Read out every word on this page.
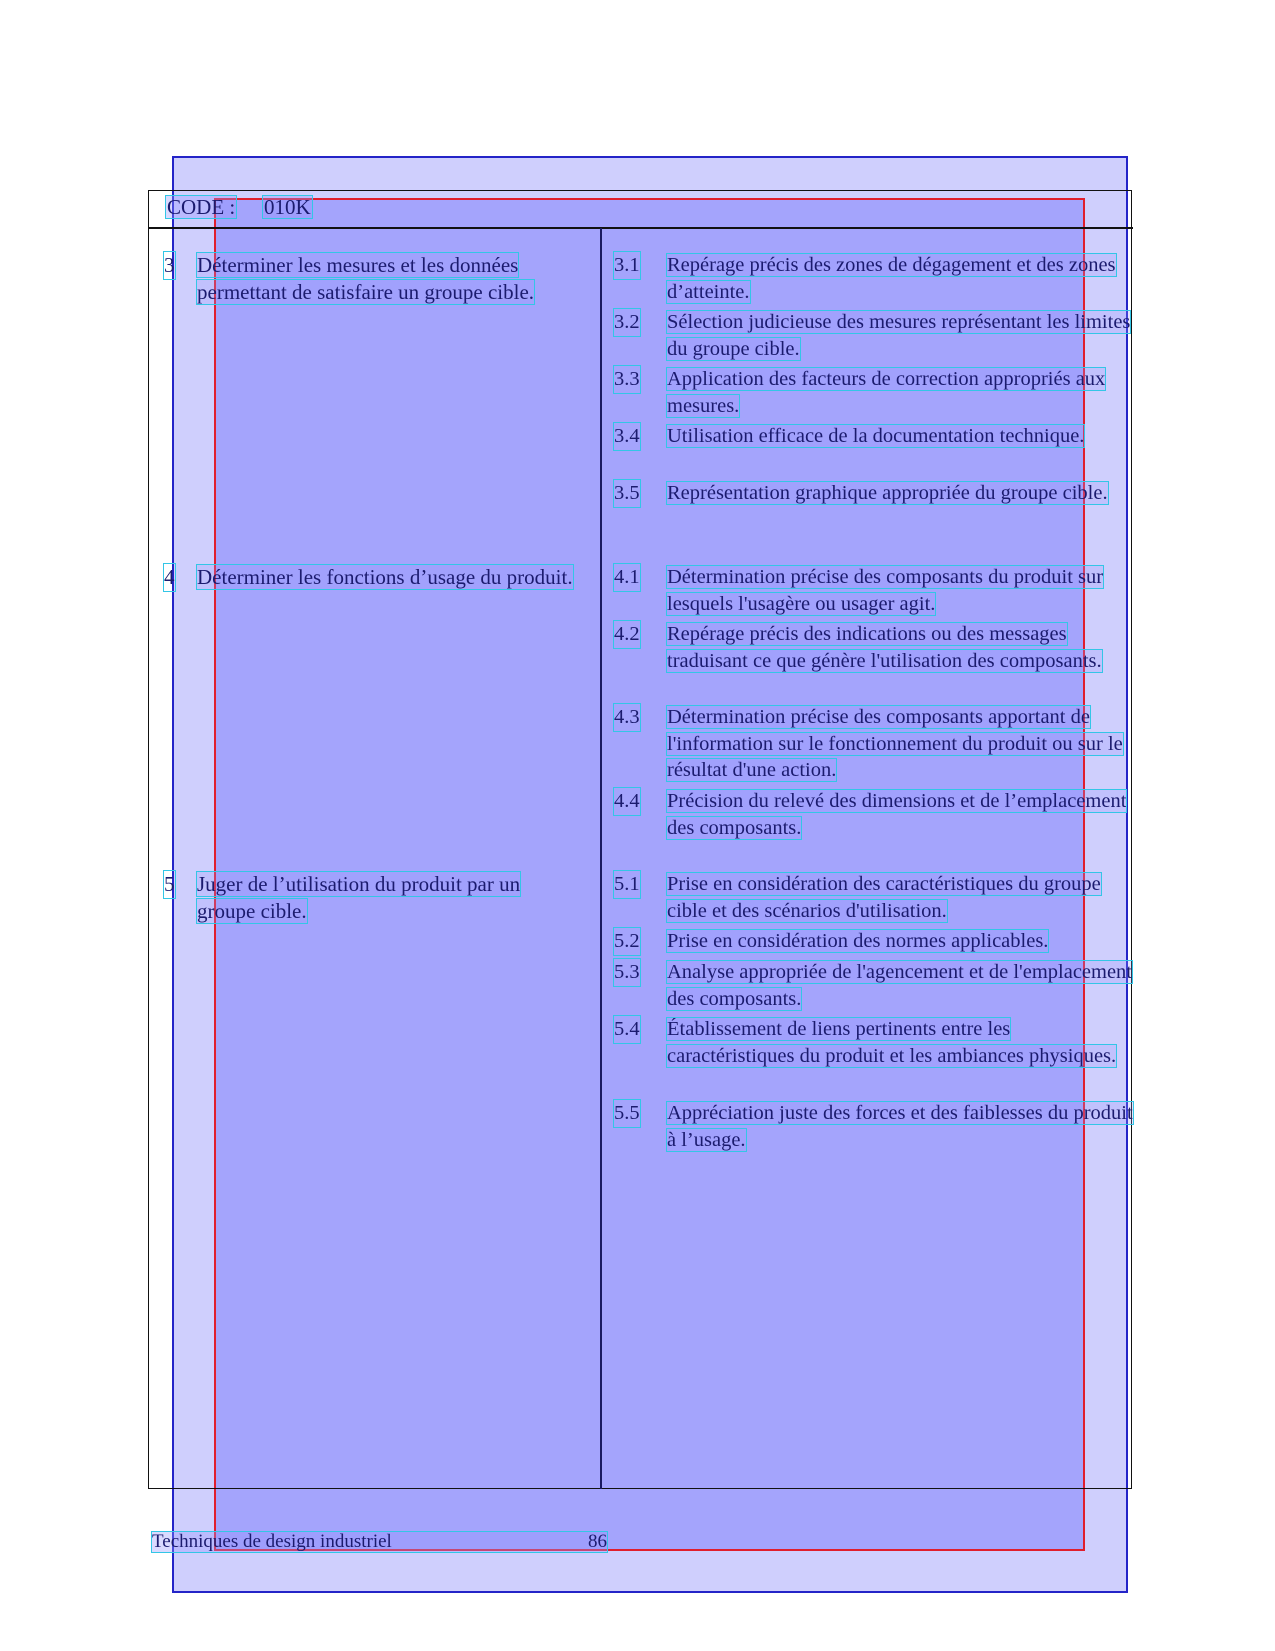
CODE : 010K
3 Déterminer les mesures et les données permettant de satisfaire un groupe cible.
4 Déterminer les fonctions d’usage du produit.
5 Juger de l’utilisation du produit par un groupe cible.
3.1 Repérage précis des zones de dégagement et des zones d’atteinte.
3.2 Sélection judicieuse des mesures représentant les limites du groupe cible.
3.3 Application des facteurs de correction appropriés aux mesures.
3.4 Utilisation efficace de la documentation technique.
3.5 Représentation graphique appropriée du groupe cible.
4.1 Détermination précise des composants du produit sur lesquels l'usagère ou usager agit.
4.2 Repérage précis des indications ou des messages traduisant ce que génère l'utilisation des composants.
4.3 Détermination précise des composants apportant de l'information sur le fonctionnement du produit ou sur le résultat d'une action.
4.4 Précision du relevé des dimensions et de l’emplacement des composants.
5.1 Prise en considération des caractéristiques du groupe cible et des scénarios d'utilisation.
5.2 Prise en considération des normes applicables.
5.3 Analyse appropriée de l'agencement et de l'emplacement des composants.
5.4 Établissement de liens pertinents entre les caractéristiques du produit et les ambiances physiques.
5.5 Appréciation juste des forces et des faiblesses du produit à l’usage.
Techniques de design industriel	86
